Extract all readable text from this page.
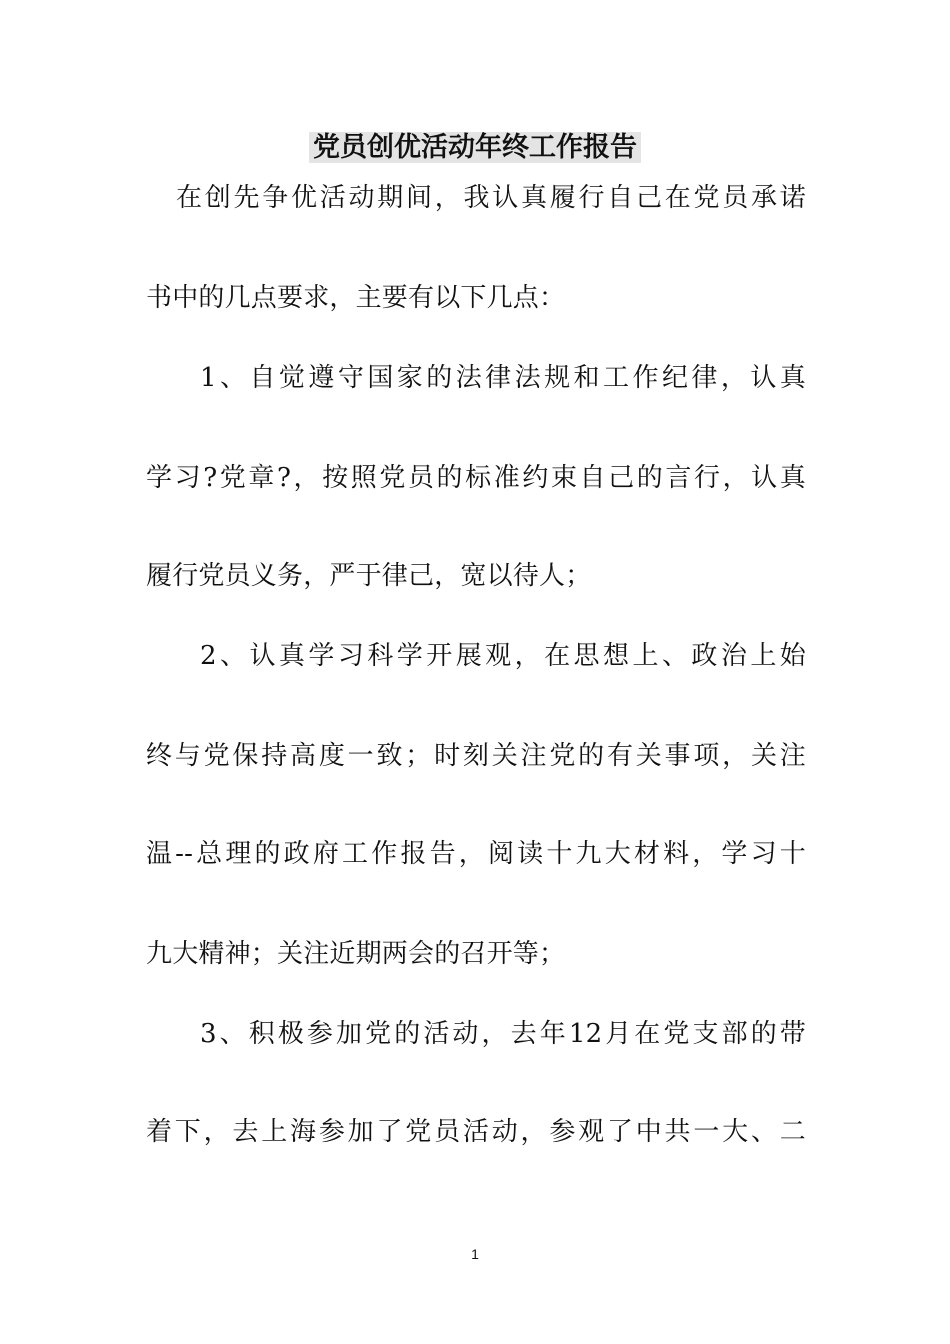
党员创优活动年终工作报告

在创先争优活动期间，我认真履行自己在党员承诺

书中的几点要求，主要有以下几点：

1、自觉遵守国家的法律法规和工作纪律，认真

学习?党章?，按照党员的标准约束自己的言行，认真

履行党员义务，严于律己，宽以待人；

2、认真学习科学开展观，在思想上、政治上始

终与党保持高度一致；时刻关注党的有关事项，关注

温--总理的政府工作报告，阅读十九大材料，学习十

九大精神；关注近期两会的召开等；

3、积极参加党的活动，去年12月在党支部的带

着下，去上海参加了党员活动，参观了中共一大、二

1
